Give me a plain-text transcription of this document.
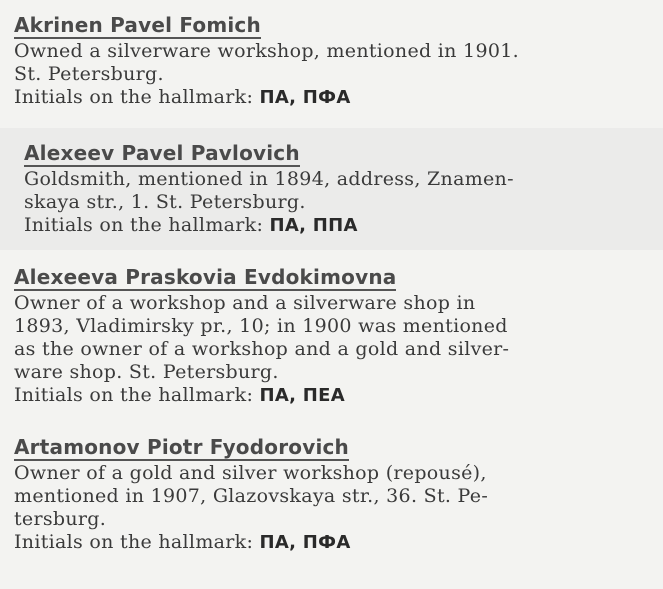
Akrinen Pavel Fomich
Owned a silverware workshop, mentioned in 1901.
St. Petersburg.
Initials on the hallmark: ПА, ПФА
Alexeev Pavel Pavlovich
Goldsmith, mentioned in 1894, address, Znamen-
skaya str., 1. St. Petersburg.
Initials on the hallmark: ПА, ППА
Alexeeva Praskovia Evdokimovna
Owner of a workshop and a silverware shop in
1893, Vladimirsky pr., 10; in 1900 was mentioned
as the owner of a workshop and a gold and silver-
ware shop. St. Petersburg.
Initials on the hallmark: ПА, ПЕА
Artamonov Piotr Fyodorovich
Owner of a gold and silver workshop (repousé),
mentioned in 1907, Glazovskaya str., 36. St. Pe-
tersburg.
Initials on the hallmark: ПА, ПФА
